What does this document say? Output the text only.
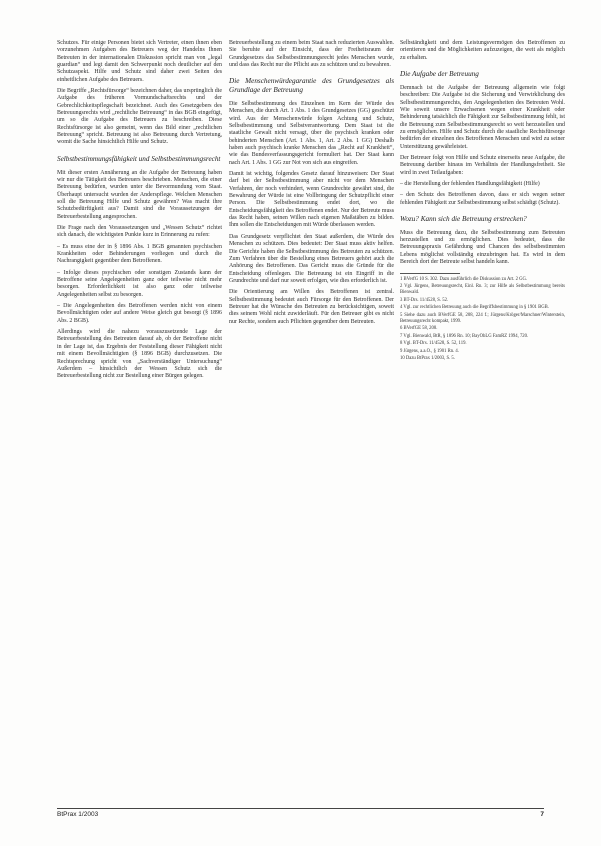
Schutzes. Für einige Personen bietet sich Vertreter, einen ihnen eben vorzunehmen Aufgaben des Betreuers weg der Handelns Ihnen Betreuten in der internationalen Diskussion spricht man von „legal guardian“ und legt damit den Schwerpunkt noch deutlicher auf den Schutzaspekt. Hilfe und Schutz sind daher zwei Seiten des einheitlichen Aufgabe des Betreuers.

Die Begriffe „Rechtsfürsorge“ bezeichnen daher, das ursprünglich die Aufgabe des früheren Vormundschaftsrechts und der Gebrechlichkeitspflegschaft bezeichnet. Auch des Gesetzgebers des Betreuungsrechts wird „rechtliche Betreuung“ in das BGB eingefügt, um so die Aufgabe des Betreuers zu beschreiben. Diese Rechtsfürsorge ist also gemeint, wenn das Bild einer „rechtlichen Betreuung“ spricht. Betreuung ist also Betreuung durch Vertretung, womit die Sache hinsichtlich Hilfe und Schutz.

Selbstbestimmungsfähigkeit und Selbstbestimmungsrecht

Mit dieser ersten Annäherung an die Aufgabe der Betreuung haben wir nur die Tätigkeit des Betreuers beschrieben. Menschen, die einer Betreuung bedürfen, wurden unter die Bevormundung vom Staat. Überhaupt untersucht wurden der Anderspflege. Welchen Menschen soll die Betreuung Hilfe und Schutz gewähren? Was macht ihre Schutzbedürftigkeit aus? Damit sind die Voraussetzungen der Betreuerbestellung angesprochen.

Die Frage nach den Voraussetzungen und „Wessen Schutz“ richtet sich danach, die wichtigsten Punkte kurz in Erinnerung zu rufen:

– Es muss eine der in § 1896 Abs. 1 BGB genannten psychischen Krankheiten oder Behinderungen vorliegen und durch die Nachrangigkeit gegenüber dem Betroffenen.

– Infolge dieses psychischen oder sonstigen Zustands kann der Betroffene seine Angelegenheiten ganz oder teilweise nicht mehr besorgen. Erforderlichkeit ist also ganz oder teilweise Angelegenheiten selbst zu besorgen.

– Die Angelegenheiten des Betroffenen werden nicht von einem Bevollmächtigten oder auf andere Weise gleich gut besorgt (§ 1896 Abs. 2 BGB).

Allerdings wird die nahezu vorauszusetzende Lage der Betreuerbestellung des Betreuten darauf ab, ob der Betroffene nicht in der Lage ist, das Ergebnis der Feststellung dieser Fähigkeit nicht mit einem Bevollmächtigten (§ 1896 BGB) durchzusetzen. Die Rechtsprechung spricht von „Sachverständiger Untersuchung“ Außerdem – hinsichtlich der Wessen Schutz sich die Betreuerbestellung nicht zur Bestellung einer Bürgen gelegen.

Betreuerbestellung zu einem beim Staat nach reduzierten Auswahlen. Sie beruhte auf der Einsicht, dass der Freiheitsraum der Grundgesetzes das Selbstbestimmungsrecht jedes Menschen wurde, und dass das Recht nur die Pflicht aus zu schützen und zu bewahren.

Die Menschenwürdegarantie des Grundgesetzes als Grundlage der Betreuung

Die Selbstbestimmung des Einzelnen im Kern der Würde des Menschen, die durch Art. 1 Abs. 1 des Grundgesetzes (GG) geschützt wird. Aus der Menschenwürde folgen Achtung und Schutz, Selbstbestimmung und Selbstverantwortung. Dem Staat ist die staatliche Gewalt nicht versagt, über die psychisch kranken oder behinderten Menschen (Art. 1 Abs. 1, Art. 2 Abs. 1 GG) Deshalb haben auch psychisch kranke Menschen das „Recht auf Krankheit“, wie das Bundesverfassungsgericht formuliert hat. Der Staat kann nach Art. 1 Abs. 1 GG zur Not von sich aus eingreifen.

Damit ist wichtig, folgendes Gesetz darauf hinzuweisen: Der Staat darf bei der Selbstbestimmung aber nicht vor dem Menschen Verfahren, der noch verhindert, wenn Grundrechte gewährt sind, die Bewahrung der Würde ist eine Vollbringung der Schutzpflicht einer Person. Die Selbstbestimmung endet dort, wo die Entscheidungsfähigkeit des Betroffenen endet. Nur der Betreute muss das Recht haben, seinen Willen nach eigenen Maßstäben zu bilden. Ihm sollen die Entscheidungen mit Würde überlassen werden.

Das Grundgesetz verpflichtet den Staat außerdem, die Würde des Menschen zu schützen. Dies bedeutet: Der Staat muss aktiv helfen. Die Gerichte haben die Selbstbestimmung des Betreuten zu schützen. Zum Verfahren über die Bestellung eines Betreuers gehört auch die Anhörung des Betroffenen. Das Gericht muss die Gründe für die Entscheidung offenlegen. Die Betreuung ist ein Eingriff in die Grundrechte und darf nur soweit erfolgen, wie dies erforderlich ist.

Die Orientierung am Willen des Betroffenen ist zentral. Selbstbestimmung bedeutet auch Fürsorge für den Betroffenen. Der Betreuer hat die Wünsche des Betreuten zu berücksichtigen, soweit dies seinem Wohl nicht zuwiderläuft. Für den Betreuer gibt es nicht nur Rechte, sondern auch Pflichten gegenüber dem Betreuten.

Selbständigkeit und dem Leistungsvermögen des Betroffenen zu orientieren und die Möglichkeiten aufzuzeigen, die weit als möglich zu erhalten.

Die Aufgabe der Betreuung

Demnach ist die Aufgabe der Betreuung allgemein wie folgt beschreiben: Die Aufgabe ist die Sicherung und Verwirklichung des Selbstbestimmungsrechts, den Angelegenheiten des Betreuten Wohl. Wie soweit unsere Erwachsenen wegen einer Krankheit oder Behinderung tatsächlich die Fähigkeit zur Selbstbestimmung fehlt, ist die Betreuung zum Selbstbestimmungsrecht so weit herzustellen und zu ermöglichen. Hilfe und Schutz durch die staatliche Rechtsfürsorge bedürfen der einzelnen des Betroffenen Menschen und wird zu seiner Unterstützung gewährleistet.

Der Betreuer folgt von Hilfe und Schutz einerseits neue Aufgabe, die Betreuung darüber hinaus im Verhältnis der Handlungsfreiheit. Sie wird in zwei Teilaufgaben:

– die Herstellung der fehlenden Handlungsfähigkeit (Hilfe)

– den Schutz des Betroffenen davon, dass er sich wegen seiner fehlenden Fähigkeit zur Selbstbestimmung selbst schädigt (Schutz).

Wozu? Kann sich die Betreuung erstrecken?

Muss die Betreuung dazu, die Selbstbestimmung zum Betreuten herzustellen und zu ermöglichen. Dies bedeutet, dass die Betreuungspraxis Gefährdung und Chancen des selbstbestimmten Lebens möglichst vollständig einzubringen hat. Es wird in dem Bereich dort der Betreute selbst handeln kann.

1 BVerfG 10 S. 302. Dazu ausführlich die Diskussion zu Art. 2 GG.
2 Vgl. Jürgens, Betreuungsrecht, Einl. Rn. 3; zur Hilfe als Selbstbestimmung bereits Bienwald.
3 BT-Drs. 11/4528, S. 52.
4 Vgl. zur rechtlichen Betreuung auch die Begriffsbestimmung in § 1901 BGB.
5 Siehe dazu auch BVerfGE 58, 208, 224 f.; Jürgens/Kröger/Marschner/Winterstein, Betreuungsrecht kompakt, 1999.
6 BVerfGE 58, 208.
7 Vgl. Bienwald, BtR, § 1896 Rn. 10; BayObLG FamRZ 1994, 720.
8 Vgl. BT-Drs. 11/4528, S. 52, 119.
9 Jürgens, a.a.O., § 1901 Rn. 4.
10 Dazu BtPrax 1/2003, S. 5.
BtPrax 1/2003	7
